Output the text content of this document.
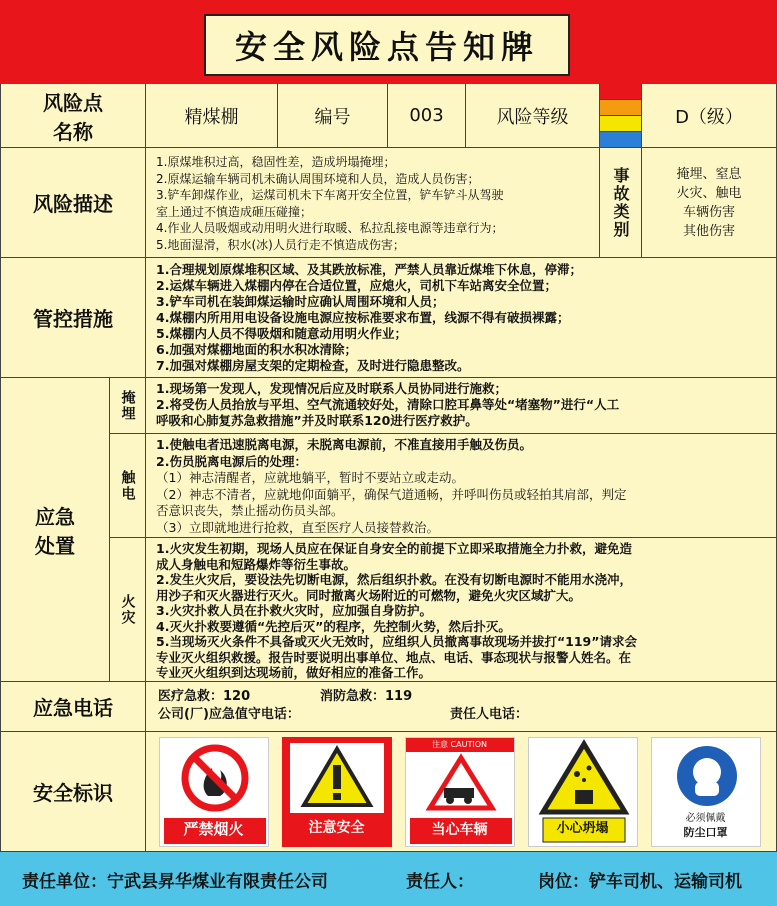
安全风险点告知牌
风险点
名称
精煤棚	编号	003	风险等级	D（级）
风险描述
1.原煤堆积过高，稳固性差，造成坍塌掩埋；
2.原煤运输车辆司机未确认周围环境和人员，造成人员伤害；
3.铲车卸煤作业，运煤司机未下车离开安全位置，铲车铲斗从驾驶
室上通过不慎造成砸压碰撞；
4.作业人员吸烟或动用明火进行取暖、私拉乱接电源等违章行为；
5.地面湿滑，积水(冰)人员行走不慎造成伤害；
事故类别	掩埋、窒息
火灾、触电
车辆伤害
其他伤害
管控措施
1.合理规划原煤堆积区域、及其跌放标准，严禁人员靠近煤堆下休息，停滞；
2.运煤车辆进入煤棚内停在合适位置，应熄火，司机下车站离安全位置；
3.铲车司机在装卸煤运输时应确认周围环境和人员；
4.煤棚内所用用电设备设施电源应按标准要求布置，线源不得有破损裸露；
5.煤棚内人员不得吸烟和随意动用明火作业；
6.加强对煤棚地面的积水积冰清除；
7.加强对煤棚房屋支架的定期检查，及时进行隐患整改。
应急
处置
掩埋
1.现场第一发现人，发现情况后应及时联系人员协同进行施救；
2.将受伤人员抬放与平坦、空气流通较好处，清除口腔耳鼻等处“堵塞物”进行“人工
呼吸和心肺复苏急救措施”并及时联系120进行医疗救护。
触电
1.使触电者迅速脱离电源，未脱离电源前，不准直接用手触及伤员。
2.伤员脱离电源后的处理：
（1）神志清醒者，应就地躺平，暂时不要站立或走动。
（2）神志不清者，应就地仰面躺平，确保气道通畅，并呼叫伤员或轻拍其肩部，判定
否意识丧失，禁止摇动伤员头部。
（3）立即就地进行抢救，直至医疗人员接替救治。
火灾
1.火灾发生初期，现场人员应在保证自身安全的前提下立即采取措施全力扑救，避免造
成人身触电和短路爆炸等衍生事故。
2.发生火灾后，要设法先切断电源，然后组织扑救。在没有切断电源时不能用水浇冲，
用沙子和灭火器进行灭火。同时撤离火场附近的可燃物，避免火灾区域扩大。
3.火灾扑救人员在扑救火灾时，应加强自身防护。
4.灭火扑救要遵循“先控后灭”的程序，先控制火势，然后扑灭。
5.当现场灭火条件不具备或灭火无效时，应组织人员撤离事故现场并拔打“119”请求会
专业灭火组织救援。报告时要说明出事单位、地点、电话、事态现状与报警人姓名。在
专业灭火组织到达现场前，做好相应的准备工作。
应急电话	医疗急救：120	消防急救：119
公司(厂)应急值守电话：	责任人电话：
安全标识
严禁烟火	注意安全
注意 CAUTION
当心车辆	小心坍塌
必须佩戴
防尘口罩
责任单位：宁武县昇华煤业有限责任公司	责任人：	岗位：铲车司机、运输司机
